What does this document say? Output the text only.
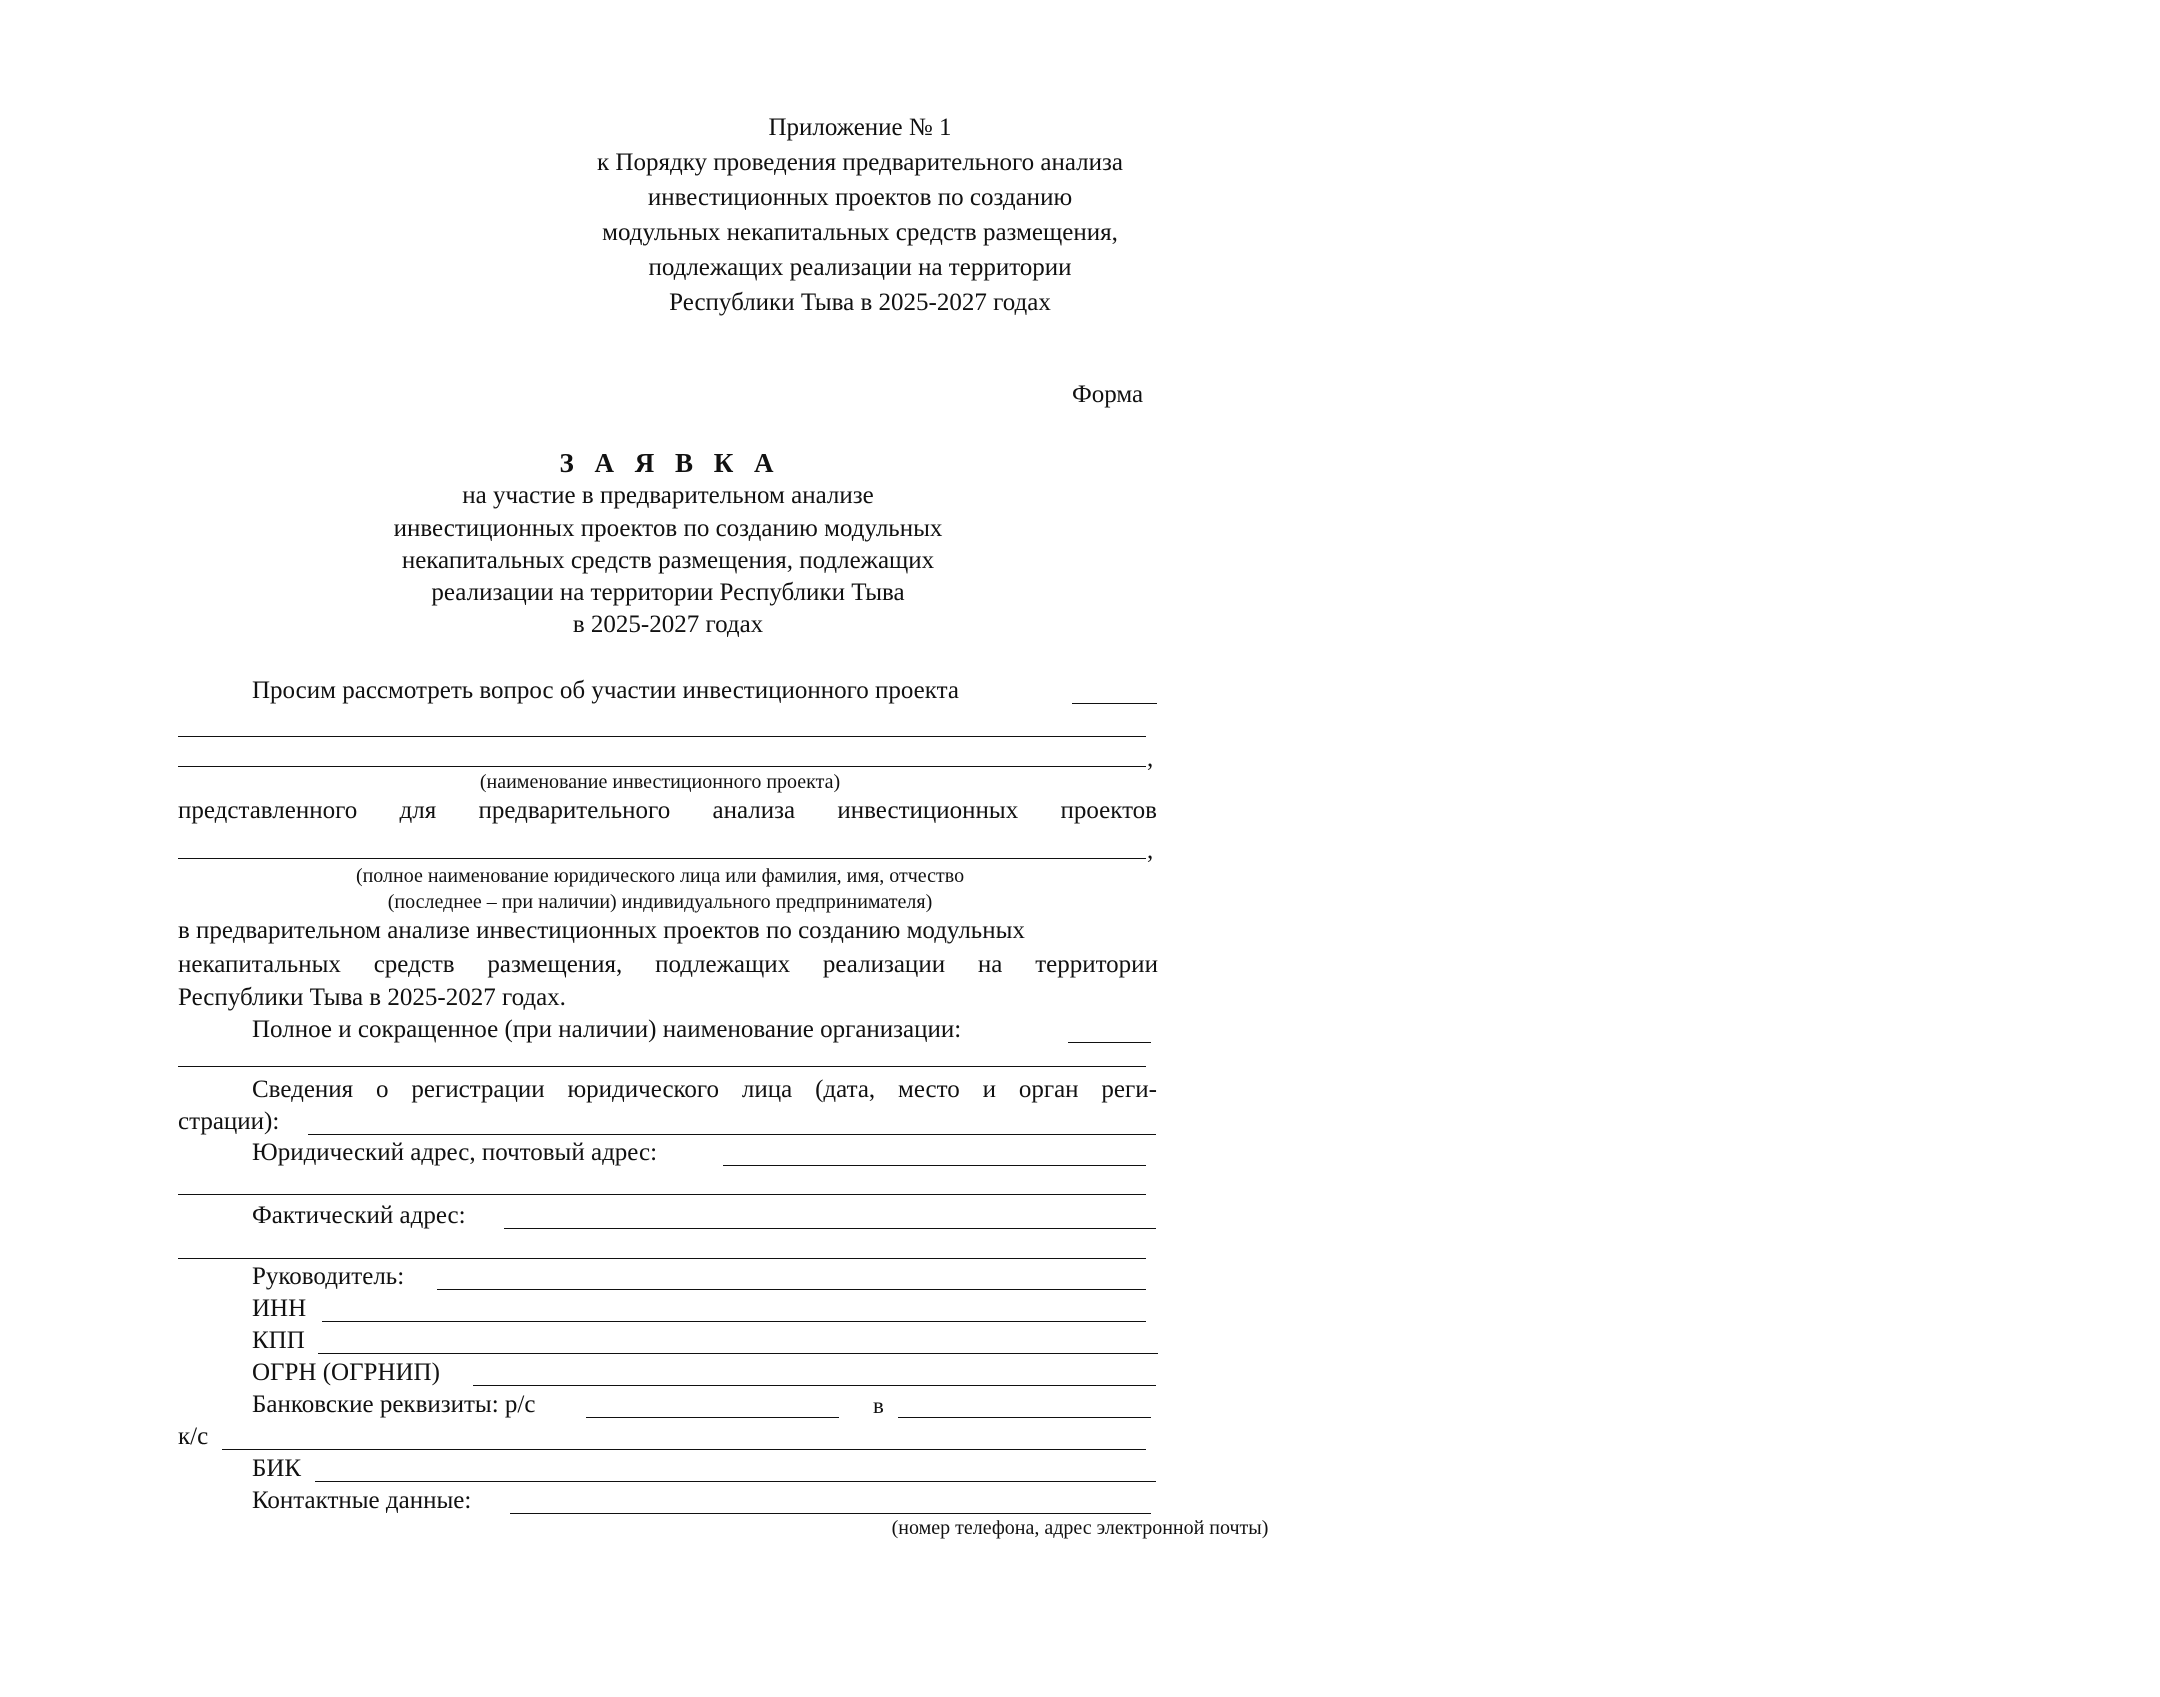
Приложение № 1
к Порядку проведения предварительного анализа
инвестиционных проектов по созданию
модульных некапитальных средств размещения,
подлежащих реализации на территории
Республики Тыва в 2025-2027 годах
Форма
З А Я В К А
на участие в предварительном анализе
инвестиционных проектов по созданию модульных
некапитальных средств размещения, подлежащих
реализации на территории Республики Тыва
в 2025-2027 годах
Просим рассмотреть вопрос об участии инвестиционного проекта
,
(наименование инвестиционного проекта)
представленного для предварительного анализа инвестиционных проектов
,
(полное наименование юридического лица или фамилия, имя, отчество
(последнее – при наличии) индивидуального предпринимателя)
в предварительном анализе инвестиционных проектов по созданию модульных
некапитальных средств размещения, подлежащих реализации на территории
Республики Тыва в 2025-2027 годах.
Полное и сокращенное (при наличии) наименование организации:
Сведения о регистрации юридического лица (дата, место и орган реги-
страции):
Юридический адрес, почтовый адрес:
Фактический адрес:
Руководитель:
ИНН
КПП
ОГРН (ОГРНИП)
Банковские реквизиты: р/с	в
к/с
БИК
Контактные данные:
(номер телефона, адрес электронной почты)
